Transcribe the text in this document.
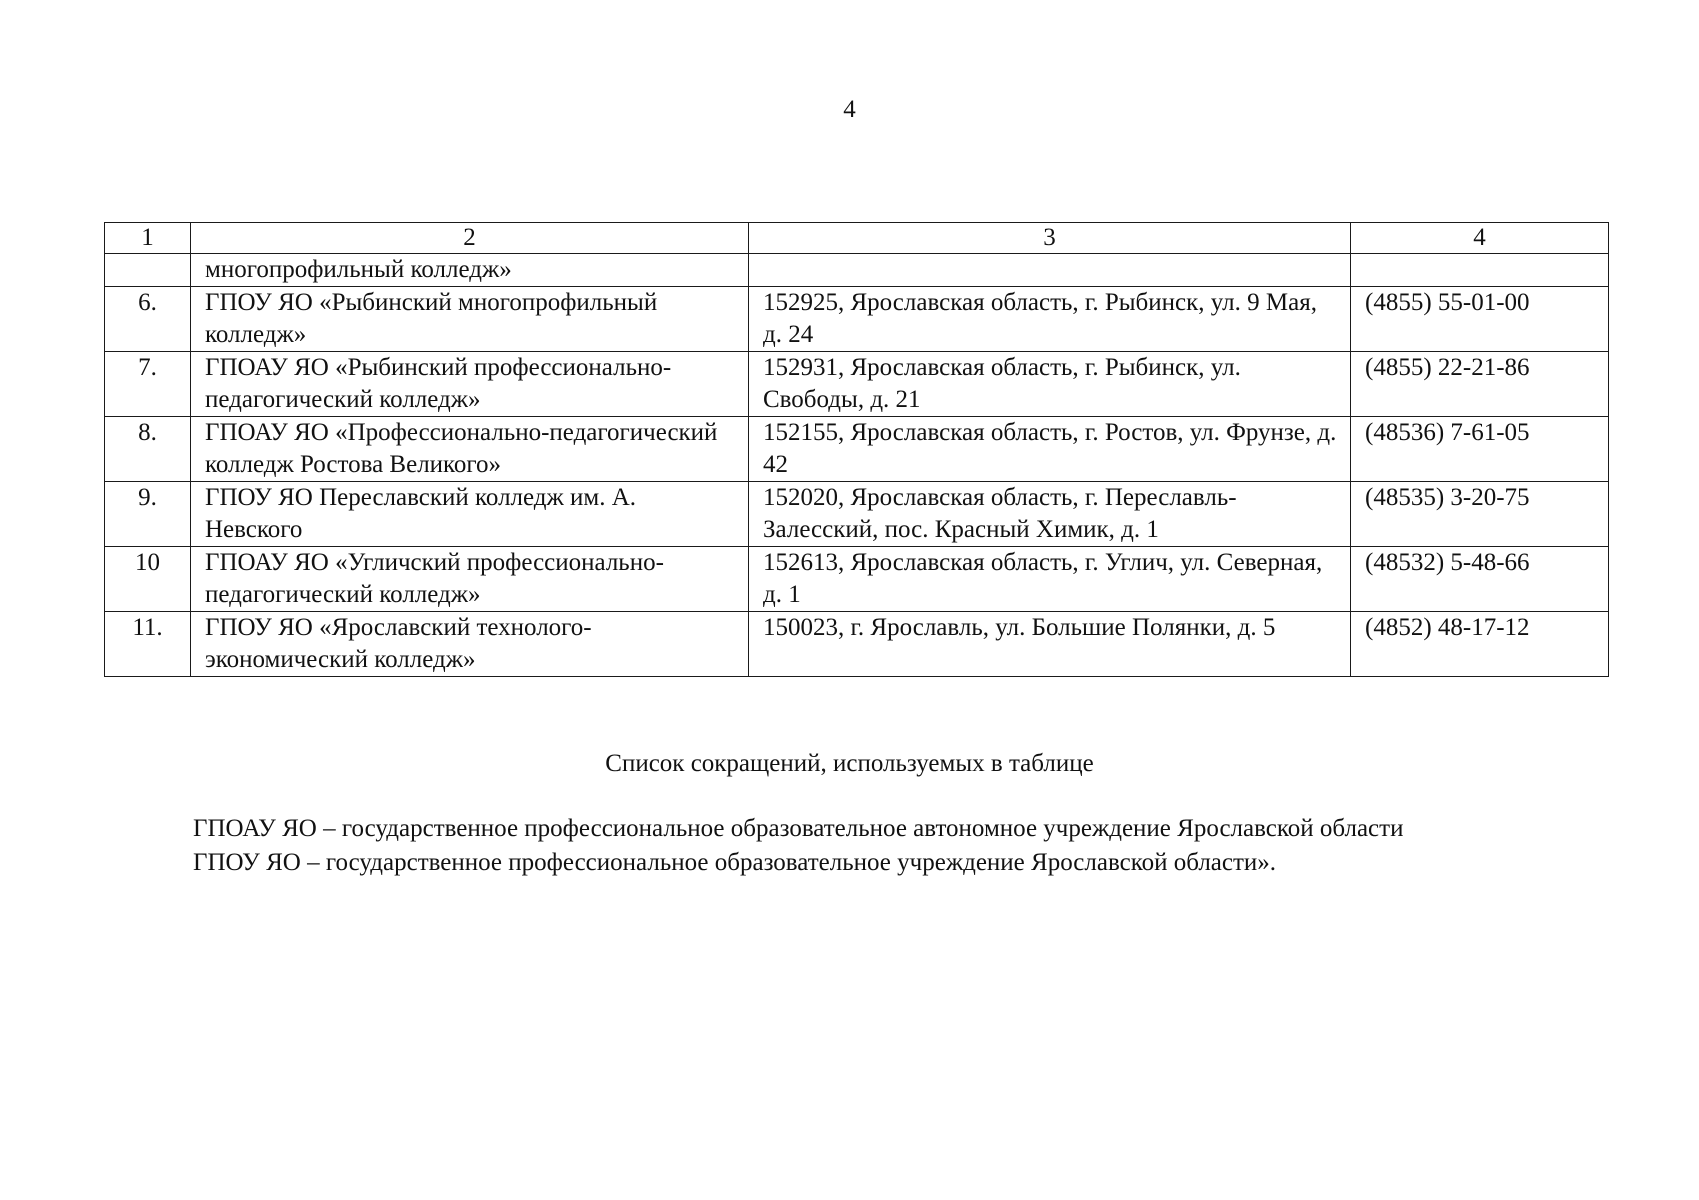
4
1	2	3	4
	многопрофильный колледж»		
6.	ГПОУ ЯО «Рыбинский многопрофильный колледж»	152925, Ярославская область, г. Рыбинск, ул. 9 Мая, д. 24	(4855) 55-01-00
7.	ГПОАУ ЯО «Рыбинский профессионально-педагогический колледж»	152931, Ярославская область, г. Рыбинск, ул. Свободы, д. 21	(4855) 22-21-86
8.	ГПОАУ ЯО «Профессионально-педагогический колледж Ростова Великого»	152155, Ярославская область, г. Ростов, ул. Фрунзе, д. 42	(48536) 7-61-05
9.	ГПОУ ЯО Переславский колледж им. А. Невского	152020, Ярославская область, г. Переславль-Залесский, пос. Красный Химик, д. 1	(48535) 3-20-75
10	ГПОАУ ЯО «Угличский профессионально-педагогический колледж»	152613, Ярославская область, г. Углич, ул. Северная, д. 1	(48532) 5-48-66
11.	ГПОУ ЯО «Ярославский технолого-экономический колледж»	150023, г. Ярославль, ул. Большие Полянки, д. 5	(4852) 48-17-12
Список сокращений, используемых в таблице
ГПОАУ ЯО – государственное профессиональное образовательное автономное учреждение Ярославской области
ГПОУ ЯО – государственное профессиональное образовательное учреждение Ярославской области».
